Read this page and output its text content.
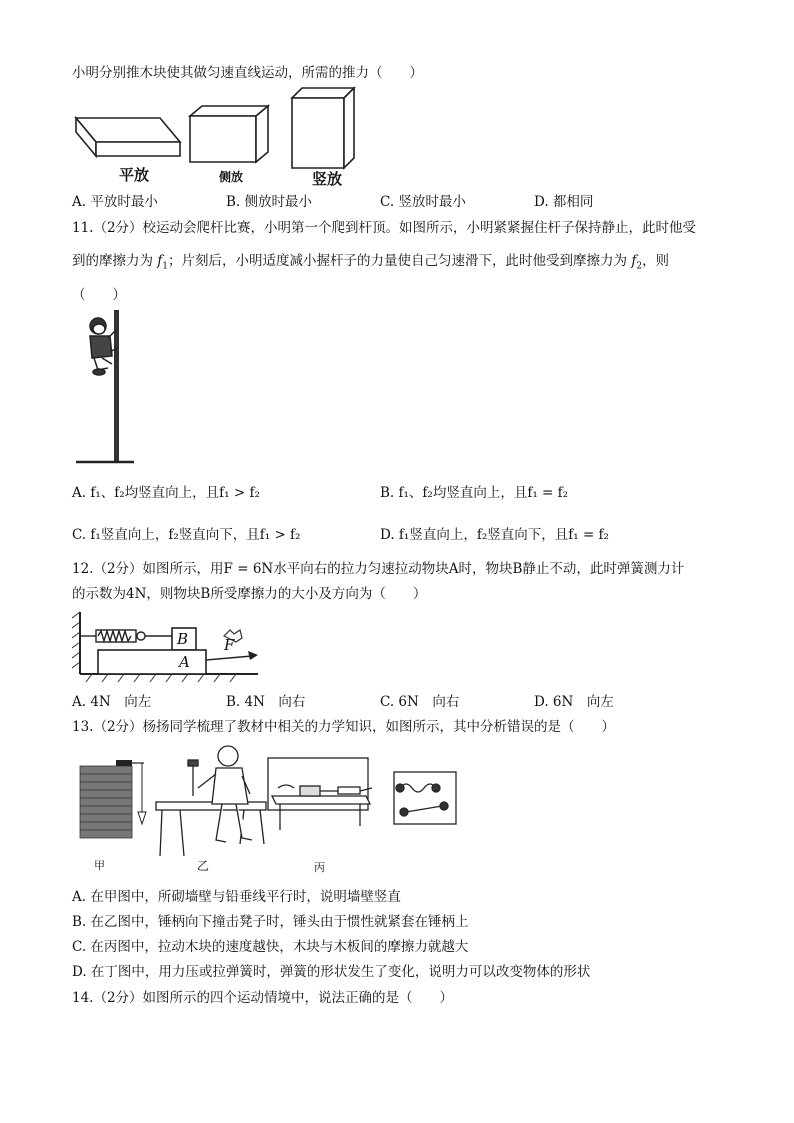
小明分别推木块使其做匀速直线运动，所需的推力（　　）
平放	侧放	竖放
A. 平放时最小	B. 侧放时最小	C. 竖放时最小	D. 都相同
11.（2分）校运动会爬杆比赛，小明第一个爬到杆顶。如图所示，小明紧紧握住杆子保持静止，此时他受
到的摩擦力为 $f_1$；片刻后，小明适度减小握杆子的力量使自己匀速滑下，此时他受到摩擦力为 $f_2$，则
（　　）
A. f₁、f₂均竖直向上，且f₁ > f₂	B. f₁、f₂均竖直向上，且f₁ = f₂
C. f₁竖直向上，f₂竖直向下，且f₁ > f₂	D. f₁竖直向上，f₂竖直向下，且f₁ = f₂
12.（2分）如图所示，用F = 6N水平向右的拉力匀速拉动物块A时，物块B静止不动，此时弹簧测力计
的示数为4N，则物块B所受摩擦力的大小及方向为（　　）
B
A
F
A. 4N　向左	B. 4N　向右	C. 6N　向右	D. 6N　向左
13.（2分）杨扬同学梳理了教材中相关的力学知识，如图所示，其中分析错误的是（　　）
甲	乙	丙
A. 在甲图中，所砌墙壁与铅垂线平行时，说明墙壁竖直
B. 在乙图中，锤柄向下撞击凳子时，锤头由于惯性就紧套在锤柄上
C. 在丙图中，拉动木块的速度越快，木块与木板间的摩擦力就越大
D. 在丁图中，用力压或拉弹簧时，弹簧的形状发生了变化，说明力可以改变物体的形状
14.（2分）如图所示的四个运动情境中，说法正确的是（　　）
